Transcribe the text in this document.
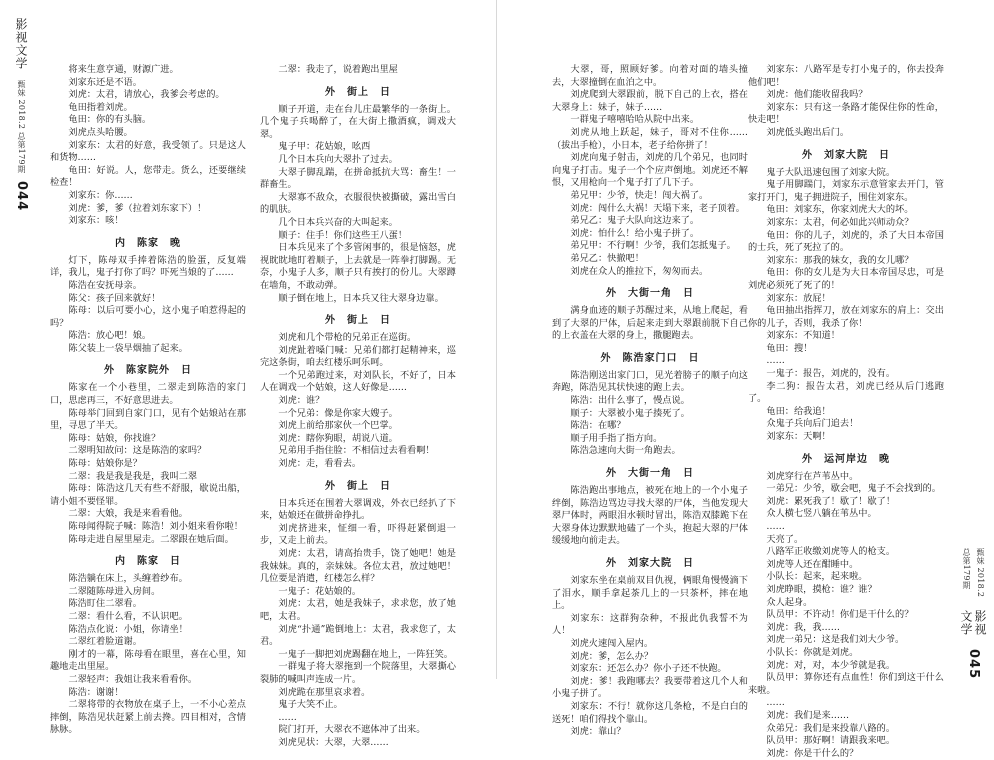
影视文学
甄妹 2018.2 总第179期
044
甄妹 2018.2 总第179期
影视文学
045
将来生意亨通，财源广进。
刘家东还是不语。
刘虎：太君，请放心，我爹会考虑的。
龟田指着刘虎。
龟田：你的有头脑。
刘虎点头哈腰。
刘家东：太君的好意，我受领了。只是这人和货物……
龟田：好说。人，您带走。货么，还要继续检查！
刘家东：你……
刘虎：爹，爹（拉着刘东家下）！
刘家东：咳！
内　陈家　晚
灯下，陈母双手捧着陈浩的脸蛋，反复端详，我儿，鬼子打你了吗？吓死当娘的了……
陈浩在安抚母亲。
陈父：孩子回来就好！
陈母：以后可要小心，这小鬼子咱惹得起的吗？
陈浩：放心吧！娘。
陈父装上一袋旱烟抽了起来。
外　陈家院外　日
陈家在一个小巷里，二翠走到陈浩的家门口，思虑再三，不好意思进去。
陈母举门回到自家门口，见有个姑娘站在那里，寻思了半天。
陈母：姑娘，你找谁？
二翠明知故问：这是陈浩的家吗？
陈母：姑娘你是？
二翠：我是我是我是，我叫二翠
陈母：陈浩这几天有些不舒服，歇说出船，请小姐不要怪罪。
二翠：大娘，我是来看看他。
陈母闻得院子喊：陈浩！刘小姐来看你啦！
陈母走进自屋里屋走。二翠跟在她后面。
内　陈家　日
陈浩躺在床上，头缠着纱布。
二翠随陈母进入房间。
陈浩盯住二翠看。
二翠：看什么看，不认识吧。
陈浩点化说：小姐，你请坐！
二翠红着脸道谢。
刚才的一幕，陈母看在眼里，喜在心里，知趣地走出里屋。
二翠轻声：我姐让我来看看你。
陈浩：谢谢！
二翠将带的衣物放在桌子上，一不小心差点摔倒，陈浩见状赶紧上前去搀。四目相对，含情脉脉。
二翠：我走了，说着跑出里屋
外　街上　日
顺子开道，走在台儿庄最繁华的一条街上。几个鬼子兵喝醉了，在大街上撒酒疯，调戏大翠。
鬼子甲：花姑娘，吆西
几个日本兵向大翠扑了过去。
大翠子脚乱踹，在拼命抵抗大骂：畜生！一群畜生。
大翠寡不敌众，衣服很快被撕破，露出雪白的肌肤。
几个日本兵兴奋的大叫起来。
顺子：住手！你们这些王八蛋！
日本兵见来了个多管闲事的，很是恼怒，虎视眈眈地盯着顺子，上去就是一阵拳打脚踢。无奈，小鬼子人多，顺子只有挨打的份儿。大翠蹲在墙角，不敢动弹。
顺子倒在地上，日本兵又往大翠身边靠。
外　街上　日
刘虎和几个带枪的兄弟正在巡街。
刘虎趾着嗓门喊：兄弟们都打起精神来，巡完这条街，咱去红楼乐呵乐呵。
一个兄弟跑过来，对刘队长，不好了，日本人在调戏一个姑娘，这人好像是……
刘虎：谁？
一个兄弟：像是你家大嫂子。
刘虎上前给那家伙一个巴掌。
刘虎：瞎你狗眼，胡说八道。
兄弟用手指住脸：不相信过去看看啊！
刘虎：走，看看去。
外　街上　日
日本兵还在围着大翠调戏，外衣已经扒了下来，姑娘还在做拼命挣扎。
刘虎挤进来，怔细一看，吓得赶紧倒退一步，又走上前去。
刘虎：太君，请高抬贵手，饶了她吧！她是我妹妹。真的，亲妹妹。各位太君，放过她吧！几位要是消遣，红楼怎么样？
一鬼子：花姑娘的。
刘虎：太君，她是我妹子，求求您，放了她吧，太君。
刘虎“扑通”跪倒地上：太君，我求您了，太君。
一鬼子一脚把刘虎踢翻在地上，一阵狂笑。
一群鬼子将大翠拖到一个院落里，大翠撕心裂肺的喊叫声连成一片。
刘虎跪在那里哀求着。
鬼子大笑不止。
……
院门打开，大翠衣不遮体冲了出来。
刘虎见状：大翠，大翠……
大翠，哥，照顾好爹。向着对面的墙头撞去，大翠撞倒在血泊之中。
刘虎爬到大翠跟前，脱下自己的上衣，搭在大翠身上：妹子，妹子……
一群鬼子嘻嘻哈哈从院中出来。
刘虎从地上跃起，妹子，哥对不住你……（拔出手枪），小日本，老子给你拼了！
刘虎向鬼子射击，刘虎的几个弟兄，也同时向鬼子打击。鬼子一个个应声倒地。刘虎还不解恨，又用枪向一个鬼子打了几下子。
弟兄甲：少爷，快走！闯大祸了。
刘虎：闯什么大祸！天塌下来，老子顶着。
弟兄乙：鬼子大队向这边来了。
刘虎：怕什么！给小鬼子拼了。
弟兄甲：不行啊！少爷，我们怎抵鬼子。
弟兄乙：快撤吧！
刘虎在众人的推拉下，匆匆而去。
外　大街一角　日
满身血迹的顺子苏醒过来，从地上爬起，看到了大翠的尸体，后起来走到大翠跟前脱下自己的上衣盖在大翠的身上，撒腿跑去。
外　陈浩家门口　日
陈浩刚送出家门口，见光着膀子的顺子向这奔跑，陈浩见其状快速的跑上去。
陈浩：出什么事了，慢点说。
顺子：大翠被小鬼子揍死了。
陈浩：在哪？
顺子用手指了指方向。
陈浩急速向大街一角跑去。
外　大街一角　日
陈浩跑出事地点，被死在地上的一个小鬼子绊倒，陈浩边骂边寻找大翠的尸体，当他发现大翠尸体时，两眼泪水顿时冒出，陈浩双膝跪下在大翠身体边默默地磕了一个头，抱起大翠的尸体缓缓地向前走去。
外　刘家大院　日
刘家东坐在桌前双目仇视，俩眼角慢慢滴下了泪水，顺手拿起茶几上的一只茶杯，摔在地上。
刘家东：这群狗杂种，不报此仇我誓不为人！
刘虎火速闯入屋内。
刘虎：爹，怎么办？
刘家东：还怎么办？你小子还不快跑。
刘虎：爹！我跑哪去？我要带着这几个人和小鬼子拼了。
刘家东：不行！就你这几条枪，不是白白的送死！咱们得找个靠山。
刘虎：靠山？
刘家东：八路军是专打小鬼子的，你去投奔他们吧！
刘虎：他们能收留我吗？
刘家东：只有这一条路才能保住你的性命，快走吧！
刘虎低头跑出后门。
外　刘家大院　日
鬼子大队迅速包围了刘家大院。
鬼子用脚踹门，刘家东示意管家去开门，管家打开门，鬼子拥进院子，围住刘家东。
龟田：刘家东，你家刘虎大大的坏。
刘家东：太君，何必如此兴师动众？
龟田：你的儿子，刘虎的，杀了大日本帝国的士兵，死了死拉了的。
刘家东：那我的妹女，我的女儿哪？
龟田：你的女儿是为大日本帝国尽忠，可是刘虎必须死了死了的！
刘家东：放屁！
龟田抽出指挥刀，放在刘家东的肩上：交出你的儿子，否则，我杀了你！
刘家东：不知道！
龟田：搜！
……
一鬼子：报告，刘虎的，没有。
李二狗：报告太君，刘虎已经从后门逃跑了。
龟田：给我追！
众鬼子兵向后门追去！
刘家东：天啊！
外　运河岸边　晚
刘虎穿行在芦苇丛中。
一弟兄：少爷，歇会吧，鬼子不会找到的。
刘虎：累死我了！歇了！歇了！
众人横七竖八躺在苇丛中。
……
天亮了。
八路军正收缴刘虎等人的枪支。
刘虎等人还在酣睡中。
小队长：起来，起来啦。
刘虎睁眼，摸枪：谁？谁？
众人起身。
队员甲：不许动！你们是干什么的？
刘虎：我，我……
刘虎一弟兄：这是我们刘大少爷。
小队长：你就是刘虎。
刘虎：对，对，本少爷就是我。
队员甲：算你还有点血性！你们到这干什么来啦。
……
刘虎：我们是来……
众弟兄：我们是来投靠八路的。
队员甲：那好啊！请跟我来吧。
刘虎：你是干什么的？
